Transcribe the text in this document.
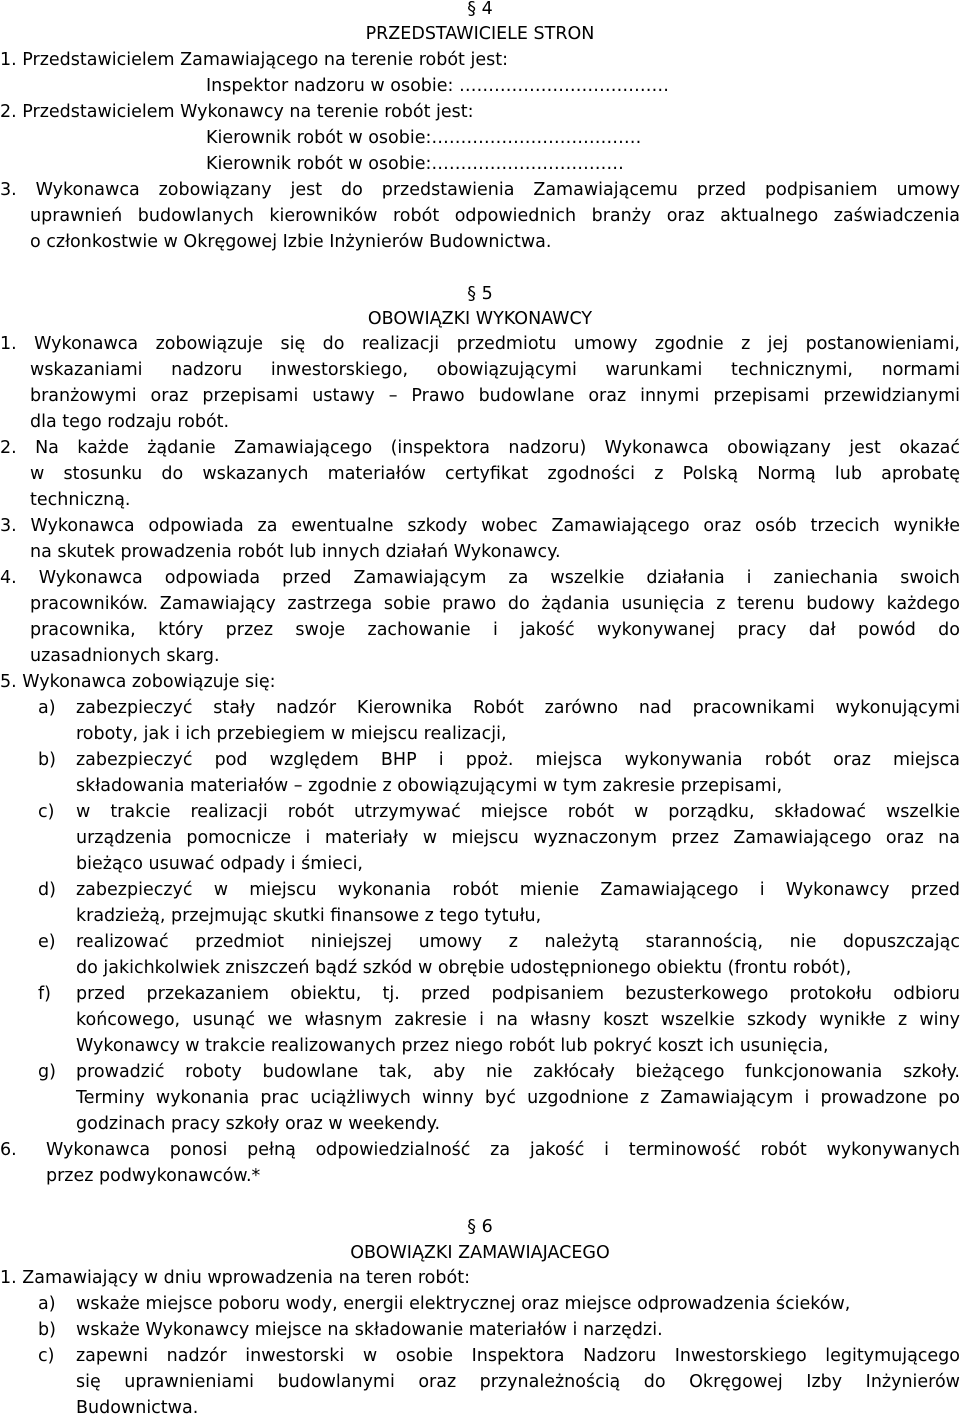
§ 4
PRZEDSTAWICIELE STRON
1. Przedstawicielem Zamawiającego na terenie robót jest:
Inspektor nadzoru w osobie: ………………………………
2. Przedstawicielem Wykonawcy na terenie robót jest:
Kierownik robót w osobie:………………………………
Kierownik robót w osobie:……………………………
3. Wykonawca zobowiązany jest do przedstawienia Zamawiającemu przed podpisaniem umowy
uprawnień budowlanych kierowników robót odpowiednich branży oraz aktualnego zaświadczenia
o członkostwie w Okręgowej Izbie Inżynierów Budownictwa.
§ 5
OBOWIĄZKI WYKONAWCY
1. Wykonawca zobowiązuje się do realizacji przedmiotu umowy zgodnie z jej postanowieniami,
wskazaniami nadzoru inwestorskiego, obowiązującymi warunkami technicznymi, normami
branżowymi oraz przepisami ustawy – Prawo budowlane oraz innymi przepisami przewidzianymi
dla tego rodzaju robót.
2. Na każde żądanie Zamawiającego (inspektora nadzoru) Wykonawca obowiązany jest okazać
w stosunku do wskazanych materiałów certyfikat zgodności z Polską Normą lub aprobatę
techniczną.
3. Wykonawca odpowiada za ewentualne szkody wobec Zamawiającego oraz osób trzecich wynikłe
na skutek prowadzenia robót lub innych działań Wykonawcy.
4. Wykonawca odpowiada przed Zamawiającym za wszelkie działania i zaniechania swoich
pracowników. Zamawiający zastrzega sobie prawo do żądania usunięcia z terenu budowy każdego
pracownika, który przez swoje zachowanie i jakość wykonywanej pracy dał powód do
uzasadnionych skarg.
5. Wykonawca zobowiązuje się:
a) zabezpieczyć stały nadzór Kierownika Robót zarówno nad pracownikami wykonującymi
roboty, jak i ich przebiegiem w miejscu realizacji,
b) zabezpieczyć pod względem BHP i ppoż. miejsca wykonywania robót oraz miejsca
składowania materiałów – zgodnie z obowiązującymi w tym zakresie przepisami,
c) w trakcie realizacji robót utrzymywać miejsce robót w porządku, składować wszelkie
urządzenia pomocnicze i materiały w miejscu wyznaczonym przez Zamawiającego oraz na
bieżąco usuwać odpady i śmieci,
d) zabezpieczyć w miejscu wykonania robót mienie Zamawiającego i Wykonawcy przed
kradzieżą, przejmując skutki finansowe z tego tytułu,
e) realizować przedmiot niniejszej umowy z należytą starannością, nie dopuszczając
do jakichkolwiek zniszczeń bądź szkód w obrębie udostępnionego obiektu (frontu robót),
f) przed przekazaniem obiektu, tj. przed podpisaniem bezusterkowego protokołu odbioru
końcowego, usunąć we własnym zakresie i na własny koszt wszelkie szkody wynikłe z winy
Wykonawcy w trakcie realizowanych przez niego robót lub pokryć koszt ich usunięcia,
g) prowadzić roboty budowlane tak, aby nie zakłócały bieżącego funkcjonowania szkoły.
Terminy wykonania prac uciążliwych winny być uzgodnione z Zamawiającym i prowadzone po
godzinach pracy szkoły oraz w weekendy.
6. Wykonawca ponosi pełną odpowiedzialność za jakość i terminowość robót wykonywanych
przez podwykonawców.*
§ 6
OBOWIĄZKI ZAMAWIAJACEGO
1. Zamawiający w dniu wprowadzenia na teren robót:
a) wskaże miejsce poboru wody, energii elektrycznej oraz miejsce odprowadzenia ścieków,
b) wskaże Wykonawcy miejsce na składowanie materiałów i narzędzi.
c) zapewni nadzór inwestorski w osobie Inspektora Nadzoru Inwestorskiego legitymującego
się uprawnieniami budowlanymi oraz przynależnością do Okręgowej Izby Inżynierów
Budownictwa.
